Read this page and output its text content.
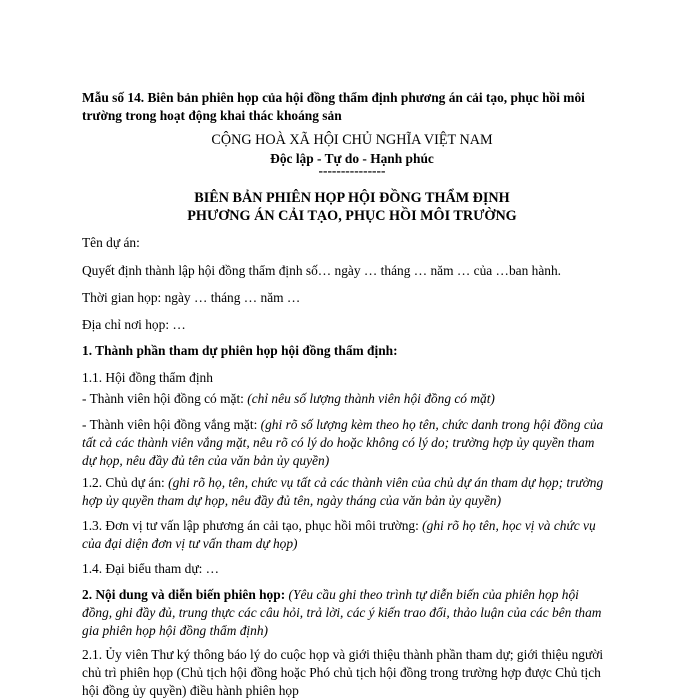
Mẫu số 14. Biên bản phiên họp của hội đồng thẩm định phương án cải tạo, phục hồi môi
trường trong hoạt động khai thác khoáng sản
CỘNG HOÀ XÃ HỘI CHỦ NGHĨA VIỆT NAM
Độc lập - Tự do - Hạnh phúc
---------------
BIÊN BẢN PHIÊN HỌP HỘI ĐỒNG THẨM ĐỊNH
PHƯƠNG ÁN CẢI TẠO, PHỤC HỒI MÔI TRƯỜNG
Tên dự án:
Quyết định thành lập hội đồng thẩm định số… ngày … tháng … năm … của …ban hành.
Thời gian họp: ngày … tháng … năm …
Địa chỉ nơi họp: …
1. Thành phần tham dự phiên họp hội đồng thẩm định:
1.1. Hội đồng thẩm định
- Thành viên hội đồng có mặt: (chỉ nêu số lượng thành viên hội đồng có mặt)
- Thành viên hội đồng vắng mặt: (ghi rõ số lượng kèm theo họ tên, chức danh trong hội đồng của
tất cả các thành viên vắng mặt, nêu rõ có lý do hoặc không có lý do; trường hợp ủy quyền tham
dự họp, nêu đầy đủ tên của văn bản ủy quyền)
1.2. Chủ dự án: (ghi rõ họ, tên, chức vụ tất cả các thành viên của chủ dự án tham dự họp; trường
hợp ủy quyền tham dự họp, nêu đầy đủ tên, ngày tháng của văn bản ủy quyền)
1.3. Đơn vị tư vấn lập phương án cải tạo, phục hồi môi trường: (ghi rõ họ tên, học vị và chức vụ
của đại diện đơn vị tư vấn tham dự họp)
1.4. Đại biểu tham dự: …
2. Nội dung và diễn biến phiên họp: (Yêu cầu ghi theo trình tự diễn biến của phiên họp hội
đồng, ghi đầy đủ, trung thực các câu hỏi, trả lời, các ý kiến trao đổi, thảo luận của các bên tham
gia phiên họp hội đồng thẩm định)
2.1. Ủy viên Thư ký thông báo lý do cuộc họp và giới thiệu thành phần tham dự; giới thiệu người
chủ trì phiên họp (Chủ tịch hội đồng hoặc Phó chủ tịch hội đồng trong trường hợp được Chủ tịch
hội đồng ủy quyền) điều hành phiên họp
